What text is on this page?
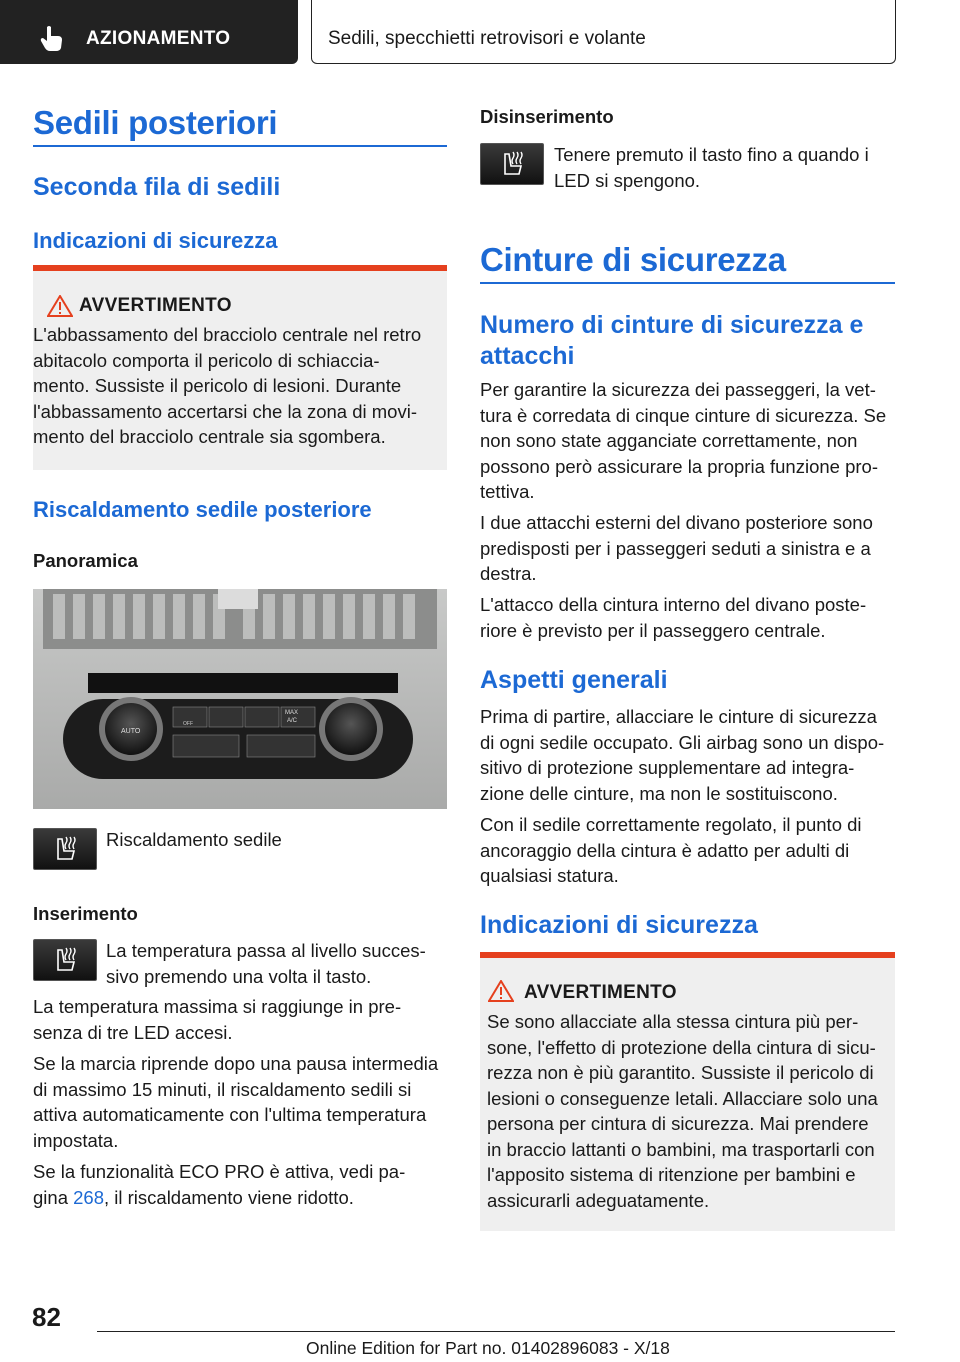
AZIONAMENTO	Sedili, specchietti retrovisori e volante
Sedili posteriori
Seconda fila di sedili
Indicazioni di sicurezza
AVVERTIMENTO
L'abbassamento del bracciolo centrale nel retro
abitacolo comporta il pericolo di schiaccia‐
mento. Sussiste il pericolo di lesioni. Durante
l'abbassamento accertarsi che la zona di movi‐
mento del bracciolo centrale sia sgombera.
Riscaldamento sedile posteriore
Panoramica
AUTO
OFF
MAX
A/C
Riscaldamento sedile
Inserimento
La temperatura passa al livello succes‐
sivo premendo una volta il tasto.
La temperatura massima si raggiunge in pre‐
senza di tre LED accesi.
Se la marcia riprende dopo una pausa intermedia
di massimo 15 minuti, il riscaldamento sedili si
attiva automaticamente con l'ultima temperatura
impostata.
Se la funzionalità ECO PRO è attiva, vedi pa‐
gina 268, il riscaldamento viene ridotto.
Disinserimento
Tenere premuto il tasto fino a quando i
LED si spengono.
Cinture di sicurezza
Numero di cinture di sicurezza e
attacchi
Per garantire la sicurezza dei passeggeri, la vet‐
tura è corredata di cinque cinture di sicurezza. Se
non sono state agganciate correttamente, non
possono però assicurare la propria funzione pro‐
tettiva.
I due attacchi esterni del divano posteriore sono
predisposti per i passeggeri seduti a sinistra e a
destra.
L'attacco della cintura interno del divano poste‐
riore è previsto per il passeggero centrale.
Aspetti generali
Prima di partire, allacciare le cinture di sicurezza
di ogni sedile occupato. Gli airbag sono un dispo‐
sitivo di protezione supplementare ad integra‐
zione delle cinture, ma non le sostituiscono.
Con il sedile correttamente regolato, il punto di
ancoraggio della cintura è adatto per adulti di
qualsiasi statura.
Indicazioni di sicurezza
AVVERTIMENTO
Se sono allacciate alla stessa cintura più per‐
sone, l'effetto di protezione della cintura di sicu‐
rezza non è più garantito. Sussiste il pericolo di
lesioni o conseguenze letali. Allacciare solo una
persona per cintura di sicurezza. Mai prendere
in braccio lattanti o bambini, ma trasportarli con
l'apposito sistema di ritenzione per bambini e
assicurarli adeguatamente.
82
Online Edition for Part no. 01402896083 - X/18
